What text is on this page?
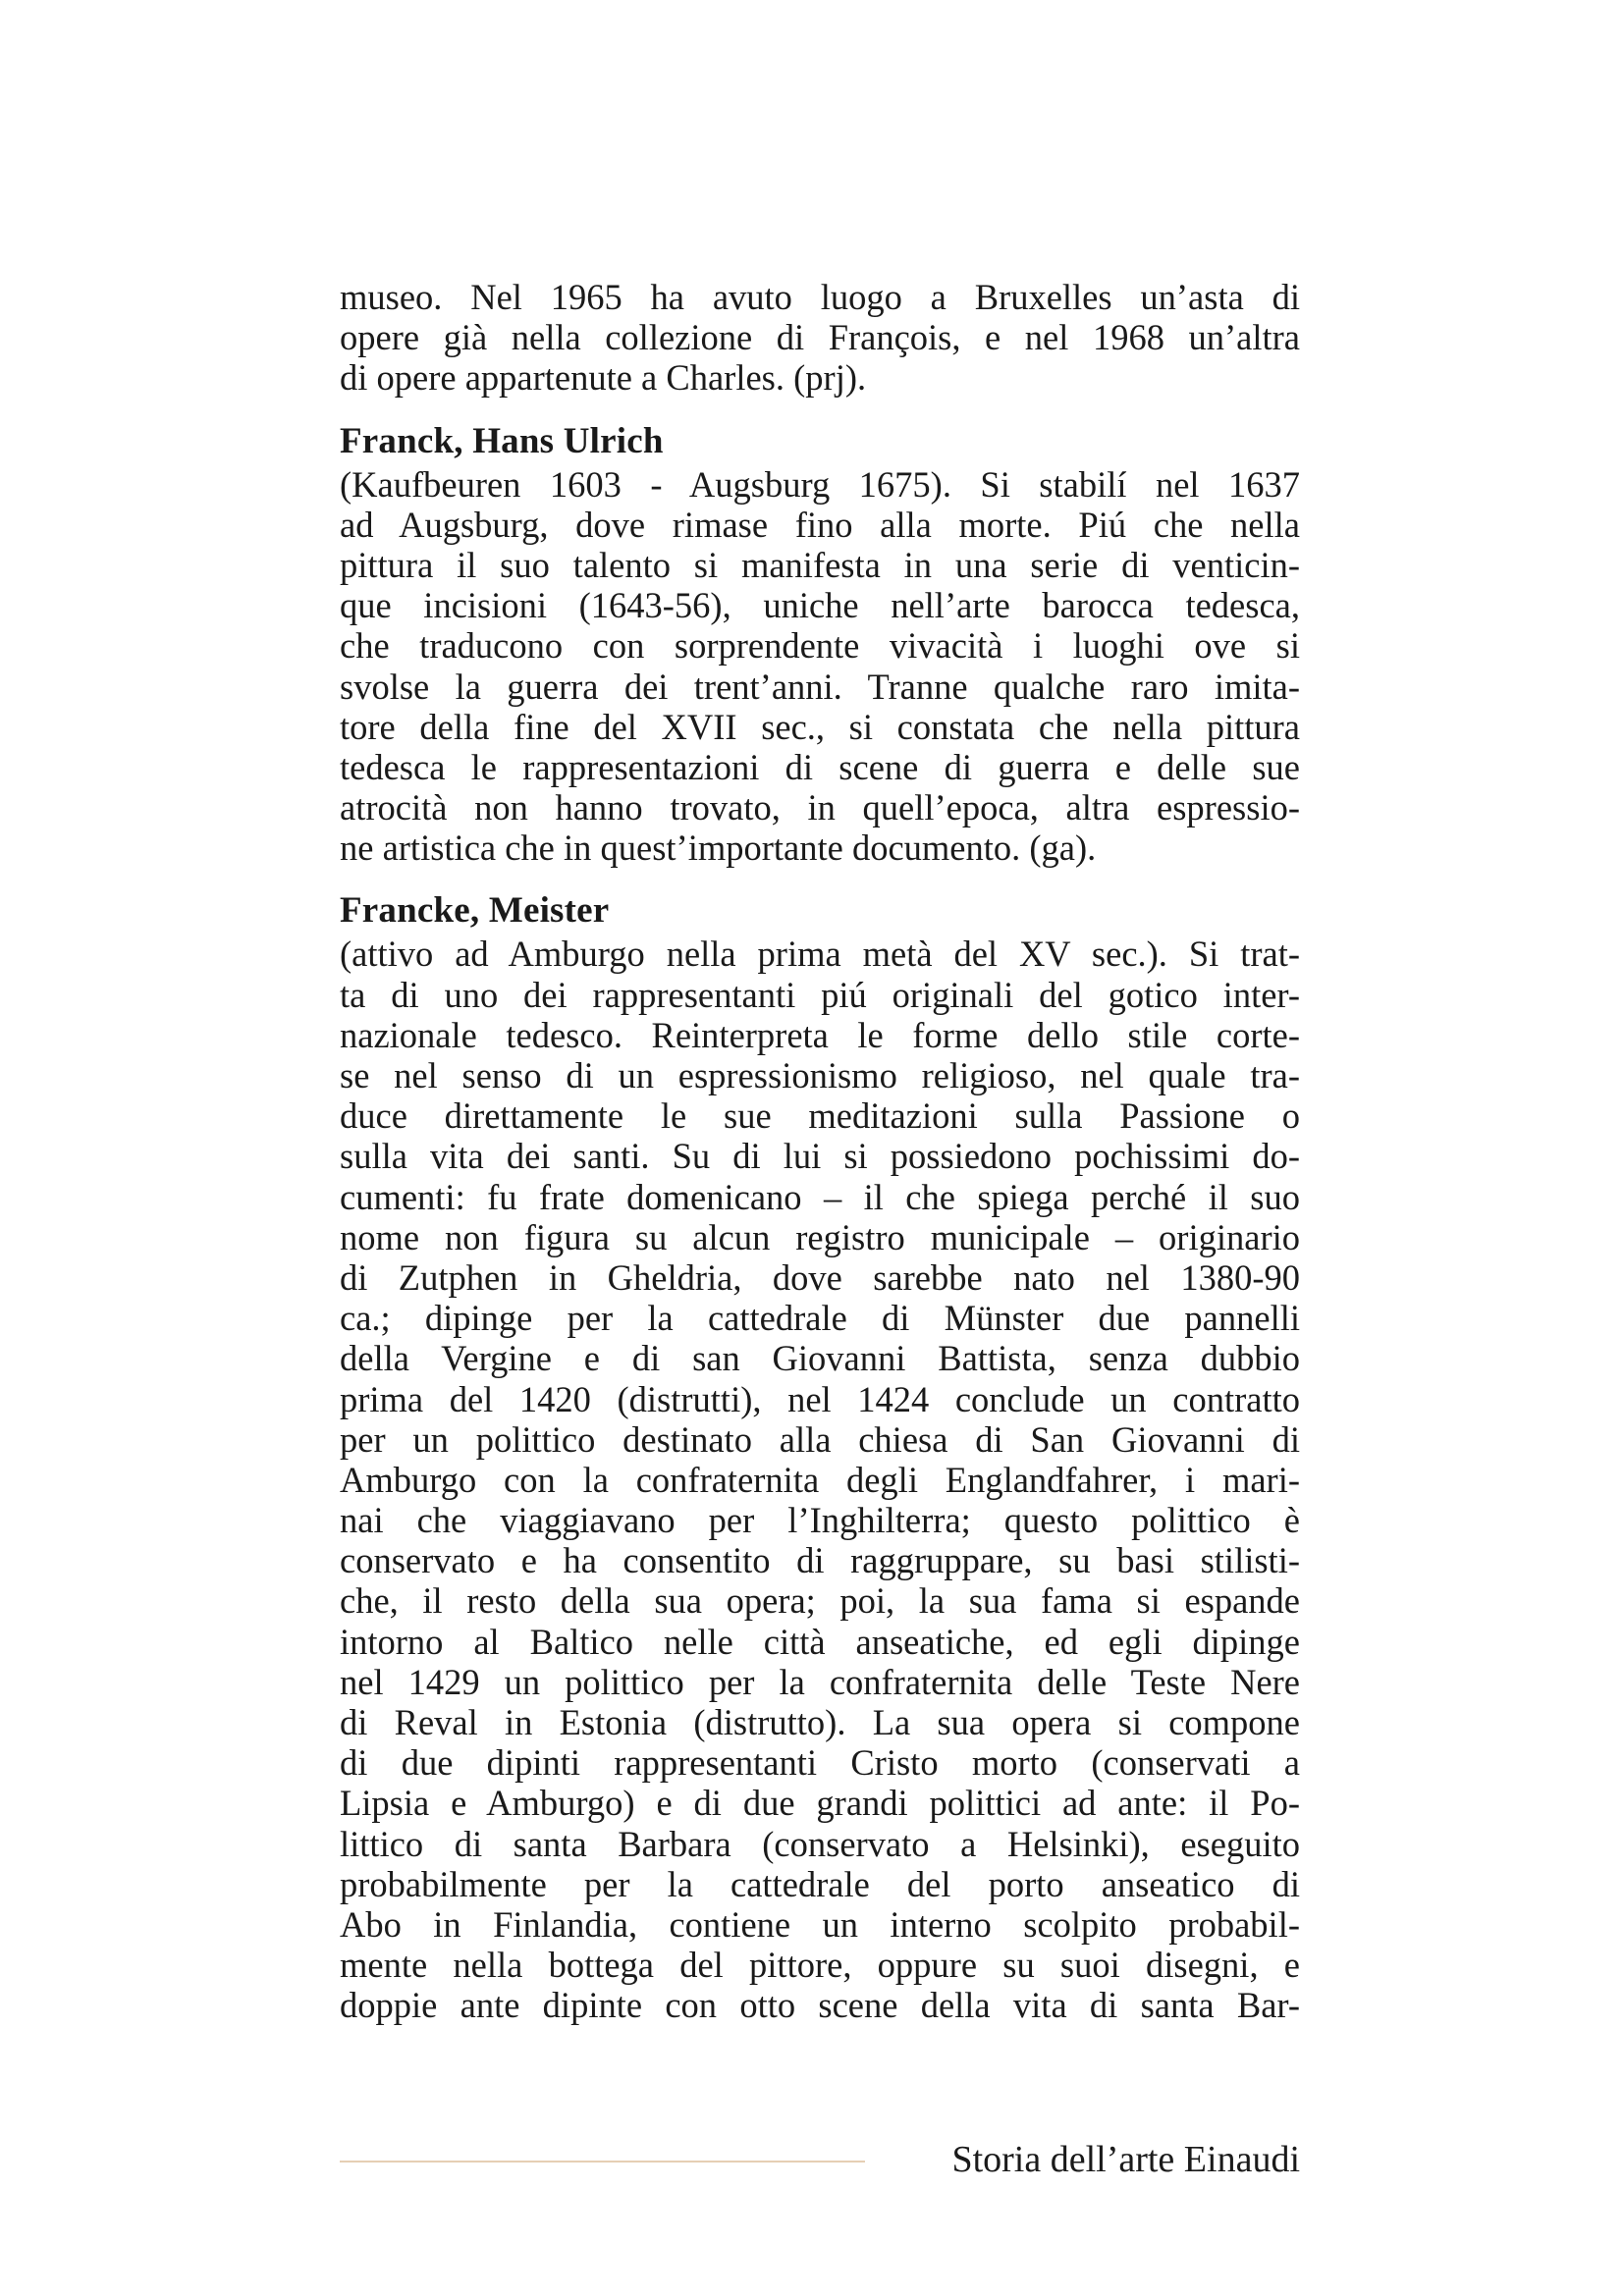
museo. Nel 1965 ha avuto luogo a Bruxelles un’asta di
opere già nella collezione di François, e nel 1968 un’altra
di opere appartenute a Charles. (prj).
Franck, Hans Ulrich
(Kaufbeuren 1603 - Augsburg 1675). Si stabilí nel 1637
ad Augsburg, dove rimase fino alla morte. Piú che nella
pittura il suo talento si manifesta in una serie di venticin-
que incisioni (1643-56), uniche nell’arte barocca tedesca,
che traducono con sorprendente vivacità i luoghi ove si
svolse la guerra dei trent’anni. Tranne qualche raro imita-
tore della fine del XVII sec., si constata che nella pittura
tedesca le rappresentazioni di scene di guerra e delle sue
atrocità non hanno trovato, in quell’epoca, altra espressio-
ne artistica che in quest’importante documento. (ga).
Francke, Meister
(attivo ad Amburgo nella prima metà del XV sec.). Si trat-
ta di uno dei rappresentanti piú originali del gotico inter-
nazionale tedesco. Reinterpreta le forme dello stile corte-
se nel senso di un espressionismo religioso, nel quale tra-
duce direttamente le sue meditazioni sulla Passione o
sulla vita dei santi. Su di lui si possiedono pochissimi do-
cumenti: fu frate domenicano – il che spiega perché il suo
nome non figura su alcun registro municipale – originario
di Zutphen in Gheldria, dove sarebbe nato nel 1380-90
ca.; dipinge per la cattedrale di Münster due pannelli
della Vergine e di san Giovanni Battista, senza dubbio
prima del 1420 (distrutti), nel 1424 conclude un contratto
per un polittico destinato alla chiesa di San Giovanni di
Amburgo con la confraternita degli Englandfahrer, i mari-
nai che viaggiavano per l’Inghilterra; questo polittico è
conservato e ha consentito di raggruppare, su basi stilisti-
che, il resto della sua opera; poi, la sua fama si espande
intorno al Baltico nelle città anseatiche, ed egli dipinge
nel 1429 un polittico per la confraternita delle Teste Nere
di Reval in Estonia (distrutto). La sua opera si compone
di due dipinti rappresentanti Cristo morto (conservati a
Lipsia e Amburgo) e di due grandi polittici ad ante: il Po-
littico di santa Barbara (conservato a Helsinki), eseguito
probabilmente per la cattedrale del porto anseatico di
Abo in Finlandia, contiene un interno scolpito probabil-
mente nella bottega del pittore, oppure su suoi disegni, e
doppie ante dipinte con otto scene della vita di santa Bar-
Storia dell’arte Einaudi
